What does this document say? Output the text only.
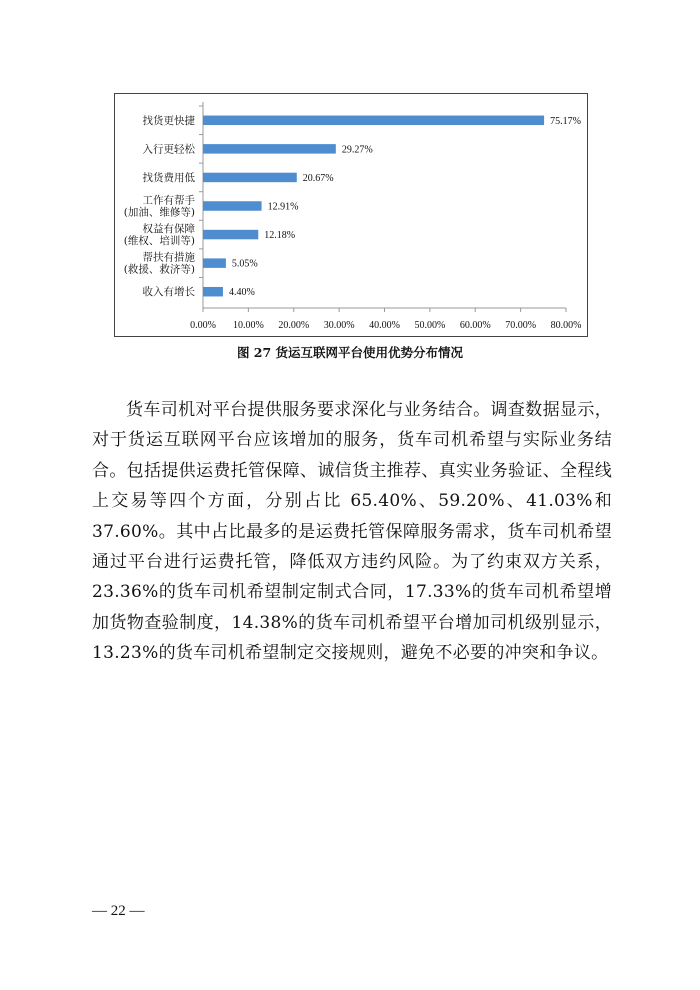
75.17%
找货更快捷
29.27%
入行更轻松
20.67%
找货费用低
12.91%
工作有帮手
(加油、维修等)
12.18%
权益有保障
(维权、培训等)
5.05%
帮扶有措施
(救援、救济等)
4.40%
收入有增长
0.00% 10.00% 20.00% 30.00% 40.00% 50.00% 60.00% 70.00% 80.00%
图 27 货运互联网平台使用优势分布情况

货车司机对平台提供服务要求深化与业务结合。调查数据显示，对于货运互联网平台应该增加的服务，货车司机希望与实际业务结合。包括提供运费托管保障、诚信货主推荐、真实业务验证、全程线上交易等四个方面，分别占比 65.40%、59.20%、41.03%和 37.60%。其中占比最多的是运费托管保障服务需求，货车司机希望通过平台进行运费托管，降低双方违约风险。为了约束双方关系，23.36%的货车司机希望制定制式合同，17.33%的货车司机希望增加货物查验制度，14.38%的货车司机希望平台增加司机级别显示，13.23%的货车司机希望制定交接规则，避免不必要的冲突和争议。

— 22 —
